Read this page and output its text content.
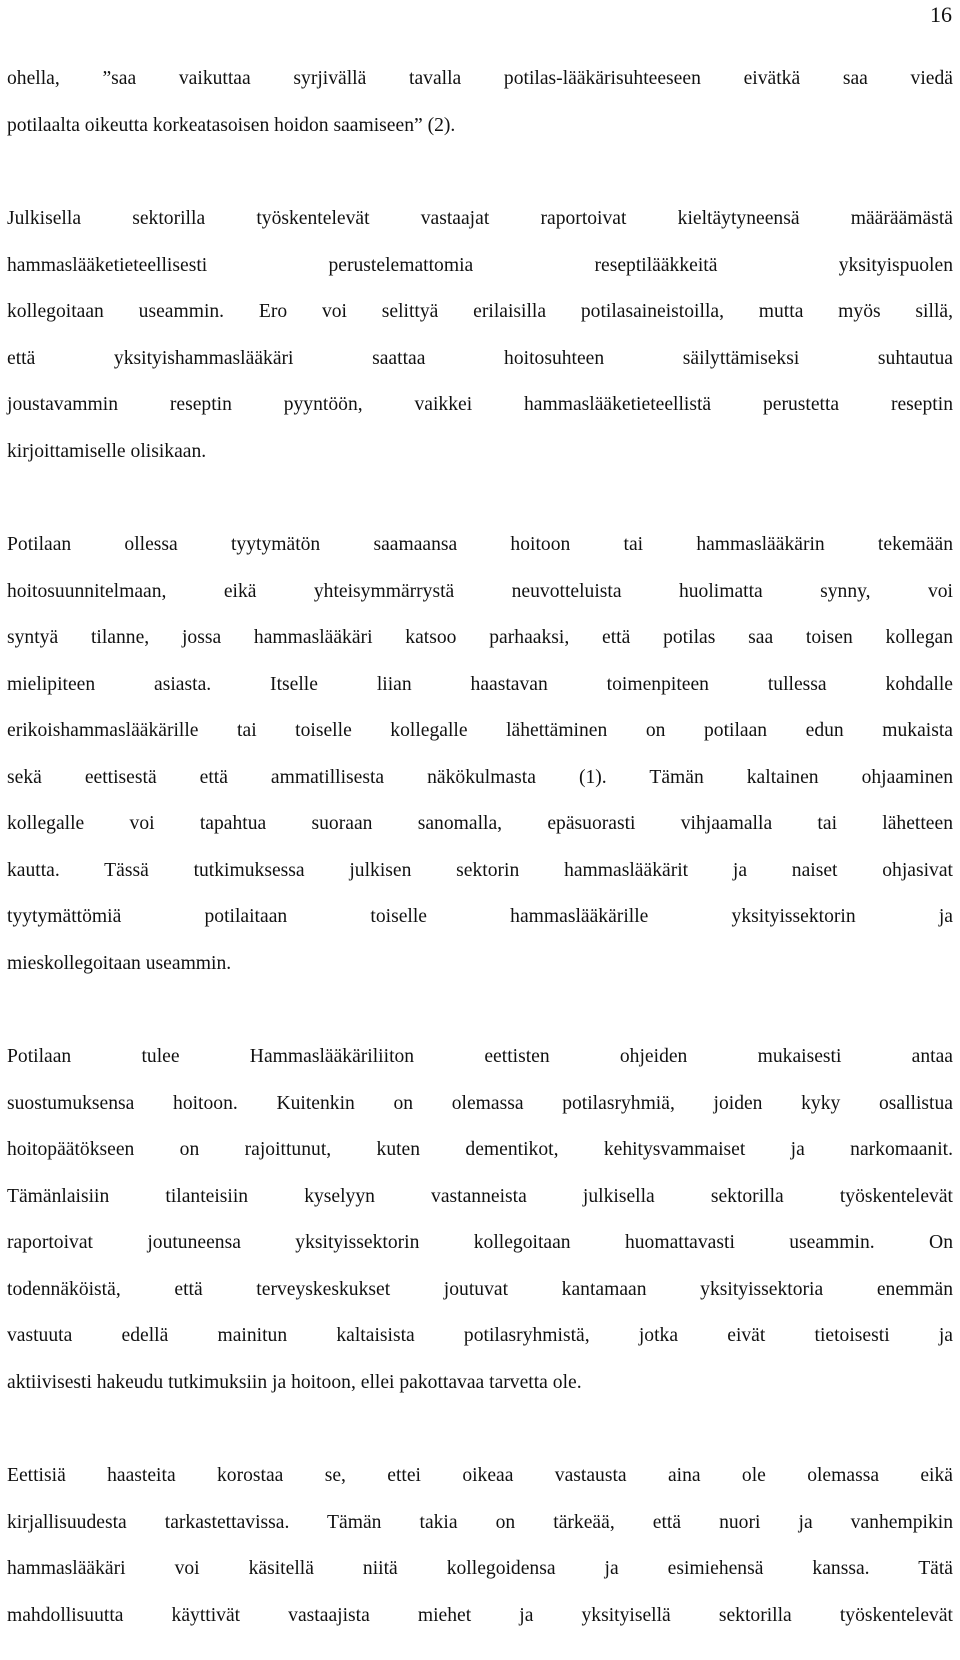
16

ohella, ”saa vaikuttaa syrjivällä tavalla potilas-lääkärisuhteeseen eivätkä saa viedä
potilaalta oikeutta korkeatasoisen hoidon saamiseen” (2).

Julkisella sektorilla työskentelevät vastaajat raportoivat kieltäytyneensä määräämästä
hammaslääketieteellisesti perustelemattomia reseptilääkkeitä yksityispuolen
kollegoitaan useammin. Ero voi selittyä erilaisilla potilasaineistoilla, mutta myös sillä,
että yksityishammaslääkäri saattaa hoitosuhteen säilyttämiseksi suhtautua
joustavammin reseptin pyyntöön, vaikkei hammaslääketieteellistä perustetta reseptin
kirjoittamiselle olisikaan.

Potilaan ollessa tyytymätön saamaansa hoitoon tai hammaslääkärin tekemään
hoitosuunnitelmaan, eikä yhteisymmärrystä neuvotteluista huolimatta synny, voi
syntyä tilanne, jossa hammaslääkäri katsoo parhaaksi, että potilas saa toisen kollegan
mielipiteen asiasta. Itselle liian haastavan toimenpiteen tullessa kohdalle
erikoishammaslääkärille tai toiselle kollegalle lähettäminen on potilaan edun mukaista
sekä eettisestä että ammatillisesta näkökulmasta (1). Tämän kaltainen ohjaaminen
kollegalle voi tapahtua suoraan sanomalla, epäsuorasti vihjaamalla tai lähetteen
kautta. Tässä tutkimuksessa julkisen sektorin hammaslääkärit ja naiset ohjasivat
tyytymättömiä potilaitaan toiselle hammaslääkärille yksityissektorin ja
mieskollegoitaan useammin.

Potilaan tulee Hammaslääkäriliiton eettisten ohjeiden mukaisesti antaa
suostumuksensa hoitoon. Kuitenkin on olemassa potilasryhmiä, joiden kyky osallistua
hoitopäätökseen on rajoittunut, kuten dementikot, kehitysvammaiset ja narkomaanit.
Tämänlaisiin tilanteisiin kyselyyn vastanneista julkisella sektorilla työskentelevät
raportoivat joutuneensa yksityissektorin kollegoitaan huomattavasti useammin. On
todennäköistä, että terveyskeskukset joutuvat kantamaan yksityissektoria enemmän
vastuuta edellä mainitun kaltaisista potilasryhmistä, jotka eivät tietoisesti ja
aktiivisesti hakeudu tutkimuksiin ja hoitoon, ellei pakottavaa tarvetta ole.

Eettisiä haasteita korostaa se, ettei oikeaa vastausta aina ole olemassa eikä
kirjallisuudesta tarkastettavissa. Tämän takia on tärkeää, että nuori ja vanhempikin
hammaslääkäri voi käsitellä niitä kollegoidensa ja esimiehensä kanssa. Tätä
mahdollisuutta käyttivät vastaajista miehet ja yksityisellä sektorilla työskentelevät
